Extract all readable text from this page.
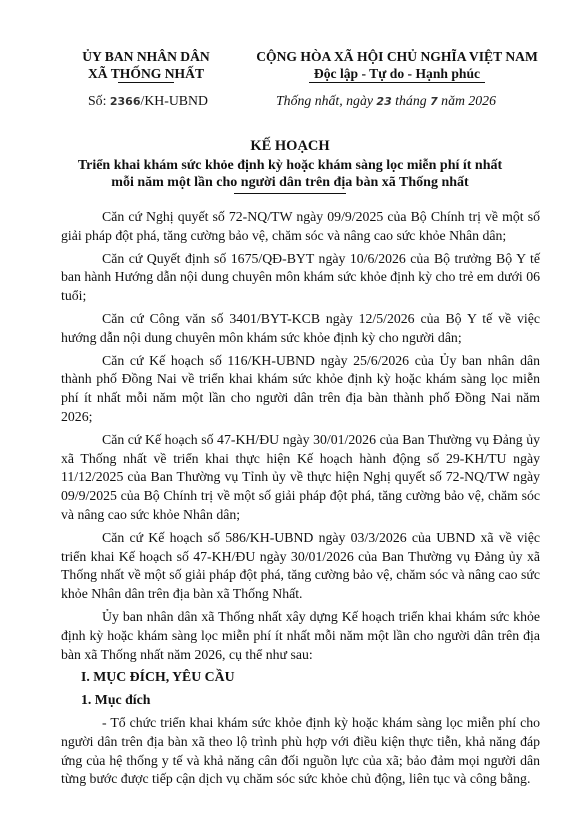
ỦY BAN NHÂN DÂN
XÃ THỐNG NHẤT
CỘNG HÒA XÃ HỘI CHỦ NGHĨA VIỆT NAM
Độc lập - Tự do - Hạnh phúc
Số: 2366/KH-UBND	Thống nhất, ngày 23 tháng 7 năm 2026
KẾ HOẠCH
Triển khai khám sức khỏe định kỳ hoặc khám sàng lọc miễn phí ít nhất
mỗi năm một lần cho người dân trên địa bàn xã Thống nhất

Căn cứ Nghị quyết số 72-NQ/TW ngày 09/9/2025 của Bộ Chính trị về một số giải pháp đột phá, tăng cường bảo vệ, chăm sóc và nâng cao sức khỏe Nhân dân;

Căn cứ Quyết định số 1675/QĐ-BYT ngày 10/6/2026 của Bộ trưởng Bộ Y tế ban hành Hướng dẫn nội dung chuyên môn khám sức khỏe định kỳ cho trẻ em dưới 06 tuổi;

Căn cứ Công văn số 3401/BYT-KCB ngày 12/5/2026 của Bộ Y tế về việc hướng dẫn nội dung chuyên môn khám sức khỏe định kỳ cho người dân;

Căn cứ Kế hoạch số 116/KH-UBND ngày 25/6/2026 của Ủy ban nhân dân thành phố Đồng Nai về triển khai khám sức khỏe định kỳ hoặc khám sàng lọc miễn phí ít nhất mỗi năm một lần cho người dân trên địa bàn thành phố Đồng Nai năm 2026;

Căn cứ Kế hoạch số 47-KH/ĐU ngày 30/01/2026 của Ban Thường vụ Đảng ủy xã Thống nhất về triển khai thực hiện Kế hoạch hành động số 29-KH/TU ngày 11/12/2025 của Ban Thường vụ Tỉnh ủy về thực hiện Nghị quyết số 72-NQ/TW ngày 09/9/2025 của Bộ Chính trị về một số giải pháp đột phá, tăng cường bảo vệ, chăm sóc và nâng cao sức khỏe Nhân dân;

Căn cứ Kế hoạch số 586/KH-UBND ngày 03/3/2026 của UBND xã về việc triển khai Kế hoạch số 47-KH/ĐU ngày 30/01/2026 của Ban Thường vụ Đảng ủy xã Thống nhất về một số giải pháp đột phá, tăng cường bảo vệ, chăm sóc và nâng cao sức khỏe Nhân dân trên địa bàn xã Thống Nhất.

Ủy ban nhân dân xã Thống nhất xây dựng Kế hoạch triển khai khám sức khỏe định kỳ hoặc khám sàng lọc miễn phí ít nhất mỗi năm một lần cho người dân trên địa bàn xã Thống nhất năm 2026, cụ thể như sau:

I. MỤC ĐÍCH, YÊU CẦU
1. Mục đích

- Tổ chức triển khai khám sức khỏe định kỳ hoặc khám sàng lọc miễn phí cho người dân trên địa bàn xã theo lộ trình phù hợp với điều kiện thực tiễn, khả năng đáp ứng của hệ thống y tế và khả năng cân đối nguồn lực của xã; bảo đảm mọi người dân từng bước được tiếp cận dịch vụ chăm sóc sức khỏe chủ động, liên tục và công bằng.
